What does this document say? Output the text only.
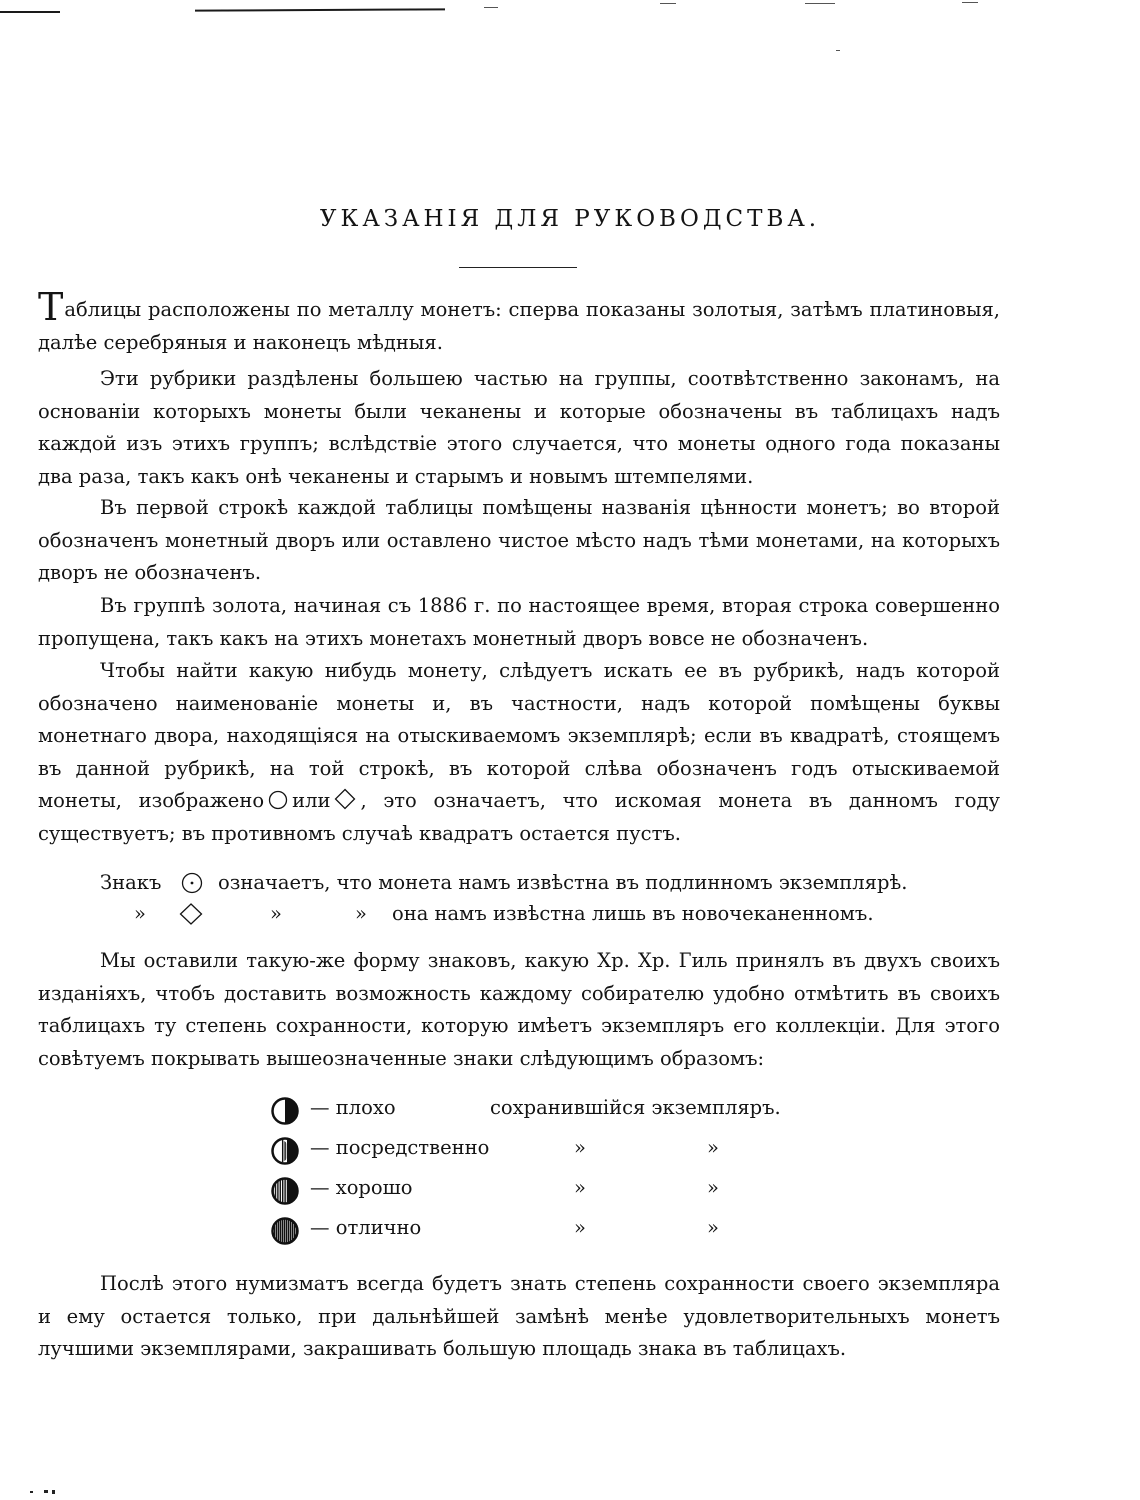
УКАЗАНІЯ ДЛЯ РУКОВОДСТВА.

Таблицы расположены по металлу монетъ: сперва показаны золотыя, затѣмъ платиновыя, далѣе серебряныя и наконецъ мѣдныя.

Эти рубрики раздѣлены большею частью на группы, соотвѣтственно законамъ, на основаніи которыхъ монеты были чеканены и которые обозначены въ таблицахъ надъ каждой изъ этихъ группъ; вслѣдствіе этого случается, что монеты одного года показаны два раза, такъ какъ онѣ чеканены и старымъ и новымъ штемпелями.

Въ первой строкѣ каждой таблицы помѣщены названія цѣнности монетъ; во второй обозначенъ монетный дворъ или оставлено чистое мѣсто надъ тѣми монетами, на которыхъ дворъ не обозначенъ.

Въ группѣ золота, начиная съ 1886 г. по настоящее время, вторая строка совершенно пропущена, такъ какъ на этихъ монетахъ монетный дворъ вовсе не обозначенъ.

Чтобы найти какую нибудь монету, слѣдуетъ искать ее въ рубрикѣ, надъ которой обозначено наименованіе монеты и, въ частности, надъ которой помѣщены буквы монетнаго двора, находящіяся на отыскиваемомъ экземплярѣ; если въ квадратѣ, стоящемъ въ данной рубрикѣ, на той строкѣ, въ которой слѣва обозначенъ годъ отыскиваемой монеты, изображено или , это означаетъ, что искомая монета въ данномъ году существуетъ; въ противномъ случаѣ квадратъ остается пустъ.

Знакъ	означаетъ, что монета намъ извѣстна въ подлинномъ экземплярѣ.
»	»	» она намъ извѣстна лишь въ новочеканенномъ.

Мы оставили такую-же форму знаковъ, какую Хр. Хр. Гиль принялъ въ двухъ своихъ изданіяхъ, чтобъ доставить возможность каждому собирателю удобно отмѣтить въ своихъ таблицахъ ту степень сохранности, которую имѣетъ экземпляръ его коллекціи. Для этого совѣтуемъ покрывать вышеозначенные знаки слѣдующимъ образомъ:

— плохо	сохранившійся экземпляръ.
— посредственно	»	»
— хорошо	»	»
— отлично	»	»

Послѣ этого нумизматъ всегда будетъ знать степень сохранности своего экземпляра и ему остается только, при дальнѣйшей замѣнѣ менѣе удовлетворительныхъ монетъ лучшими экземплярами, закрашивать большую площадь знака въ таблицахъ.
